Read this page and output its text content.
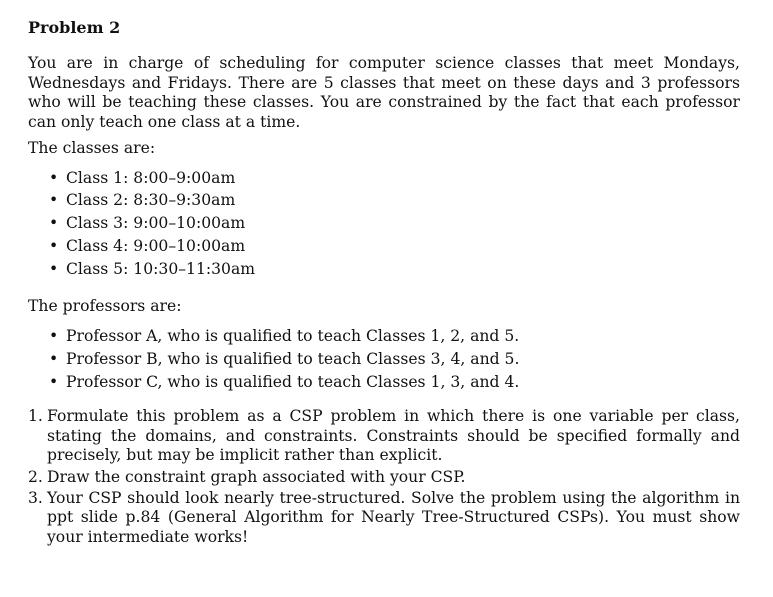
Problem 2

You are in charge of scheduling for computer science classes that meet Mondays, Wednesdays and Fridays. There are 5 classes that meet on these days and 3 professors who will be teaching these classes. You are constrained by the fact that each professor can only teach one class at a time.

The classes are:

• Class 1: 8:00–9:00am
• Class 2: 8:30–9:30am
• Class 3: 9:00–10:00am
• Class 4: 9:00–10:00am
• Class 5: 10:30–11:30am

The professors are:

• Professor A, who is qualified to teach Classes 1, 2, and 5.
• Professor B, who is qualified to teach Classes 3, 4, and 5.
• Professor C, who is qualified to teach Classes 1, 3, and 4.
1. Formulate this problem as a CSP problem in which there is one variable per class, stating the domains, and constraints. Constraints should be specified formally and precisely, but may be implicit rather than explicit.
2. Draw the constraint graph associated with your CSP.
3. Your CSP should look nearly tree-structured. Solve the problem using the algorithm in ppt slide p.84 (General Algorithm for Nearly Tree-Structured CSPs). You must show your intermediate works!
